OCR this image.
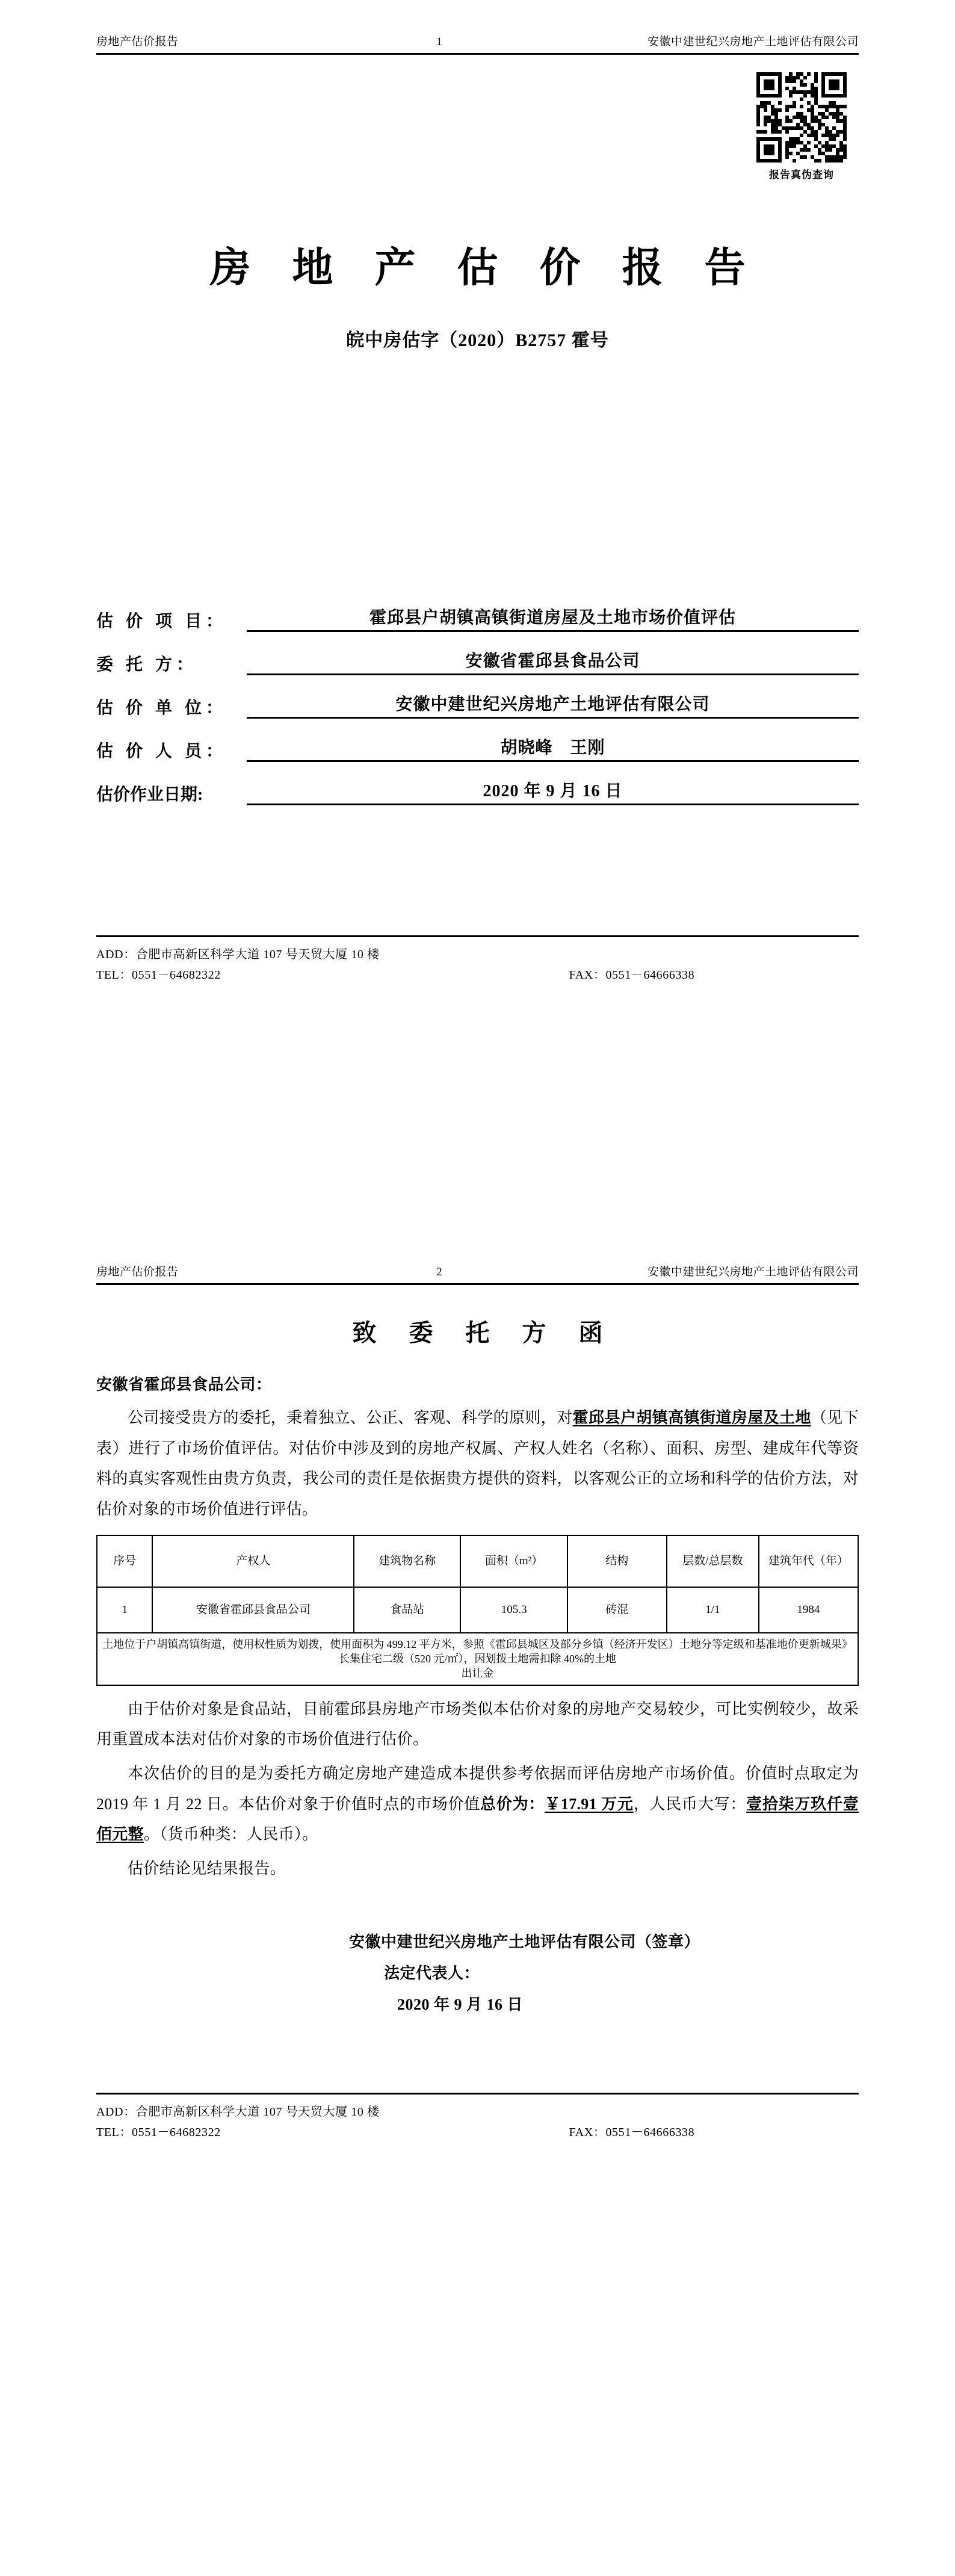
房地产估价报告	1	安徽中建世纪兴房地产土地评估有限公司
报告真伪查询
房 地 产 估 价 报 告
皖中房估字（2020）B2757 霍号
估 价 项 目：	霍邱县户胡镇高镇街道房屋及土地市场价值评估
委 托 方：	安徽省霍邱县食品公司
估 价 单 位：	安徽中建世纪兴房地产土地评估有限公司
估 价 人 员：	胡晓峰　王刚
估价作业日期:	2020 年 9 月 16 日
ADD：合肥市高新区科学大道 107 号天贸大厦 10 楼
TEL：0551－64682322	FAX：0551－64666338
房地产估价报告	2	安徽中建世纪兴房地产土地评估有限公司
致 委 托 方 函
安徽省霍邱县食品公司：

公司接受贵方的委托，秉着独立、公正、客观、科学的原则，对霍邱县户胡镇高镇街道房屋及土地（见下表）进行了市场价值评估。对估价中涉及到的房地产权属、产权人姓名（名称）、面积、房型、建成年代等资料的真实客观性由贵方负责，我公司的责任是依据贵方提供的资料，以客观公正的立场和科学的估价方法，对估价对象的市场价值进行评估。

序号	产权人	建筑物名称	面积（m²）	结构	层数/总层数	建筑年代（年）
1	安徽省霍邱县食品公司	食品站	105.3	砖混	1/1	1984
土地位于户胡镇高镇街道，使用权性质为划拨，使用面积为 499.12 平方米，参照《霍邱县城区及部分乡镇（经济开发区）土地分等定级和基准地价更新城果》长集住宅二级（520 元/㎡），因划拨土地需扣除 40%的土地
出让金						

由于估价对象是食品站，目前霍邱县房地产市场类似本估价对象的房地产交易较少，可比实例较少，故采用重置成本法对估价对象的市场价值进行估价。

本次估价的目的是为委托方确定房地产建造成本提供参考依据而评估房地产市场价值。价值时点取定为 2019 年 1 月 22 日。本估价对象于价值时点的市场价值总价为：￥17.91 万元，人民币大写：壹拾柒万玖仟壹佰元整。（货币种类：人民币）。

估价结论见结果报告。

安徽中建世纪兴房地产土地评估有限公司（签章）
法定代表人：
2020 年 9 月 16 日
ADD：合肥市高新区科学大道 107 号天贸大厦 10 楼
TEL：0551－64682322	FAX：0551－64666338
